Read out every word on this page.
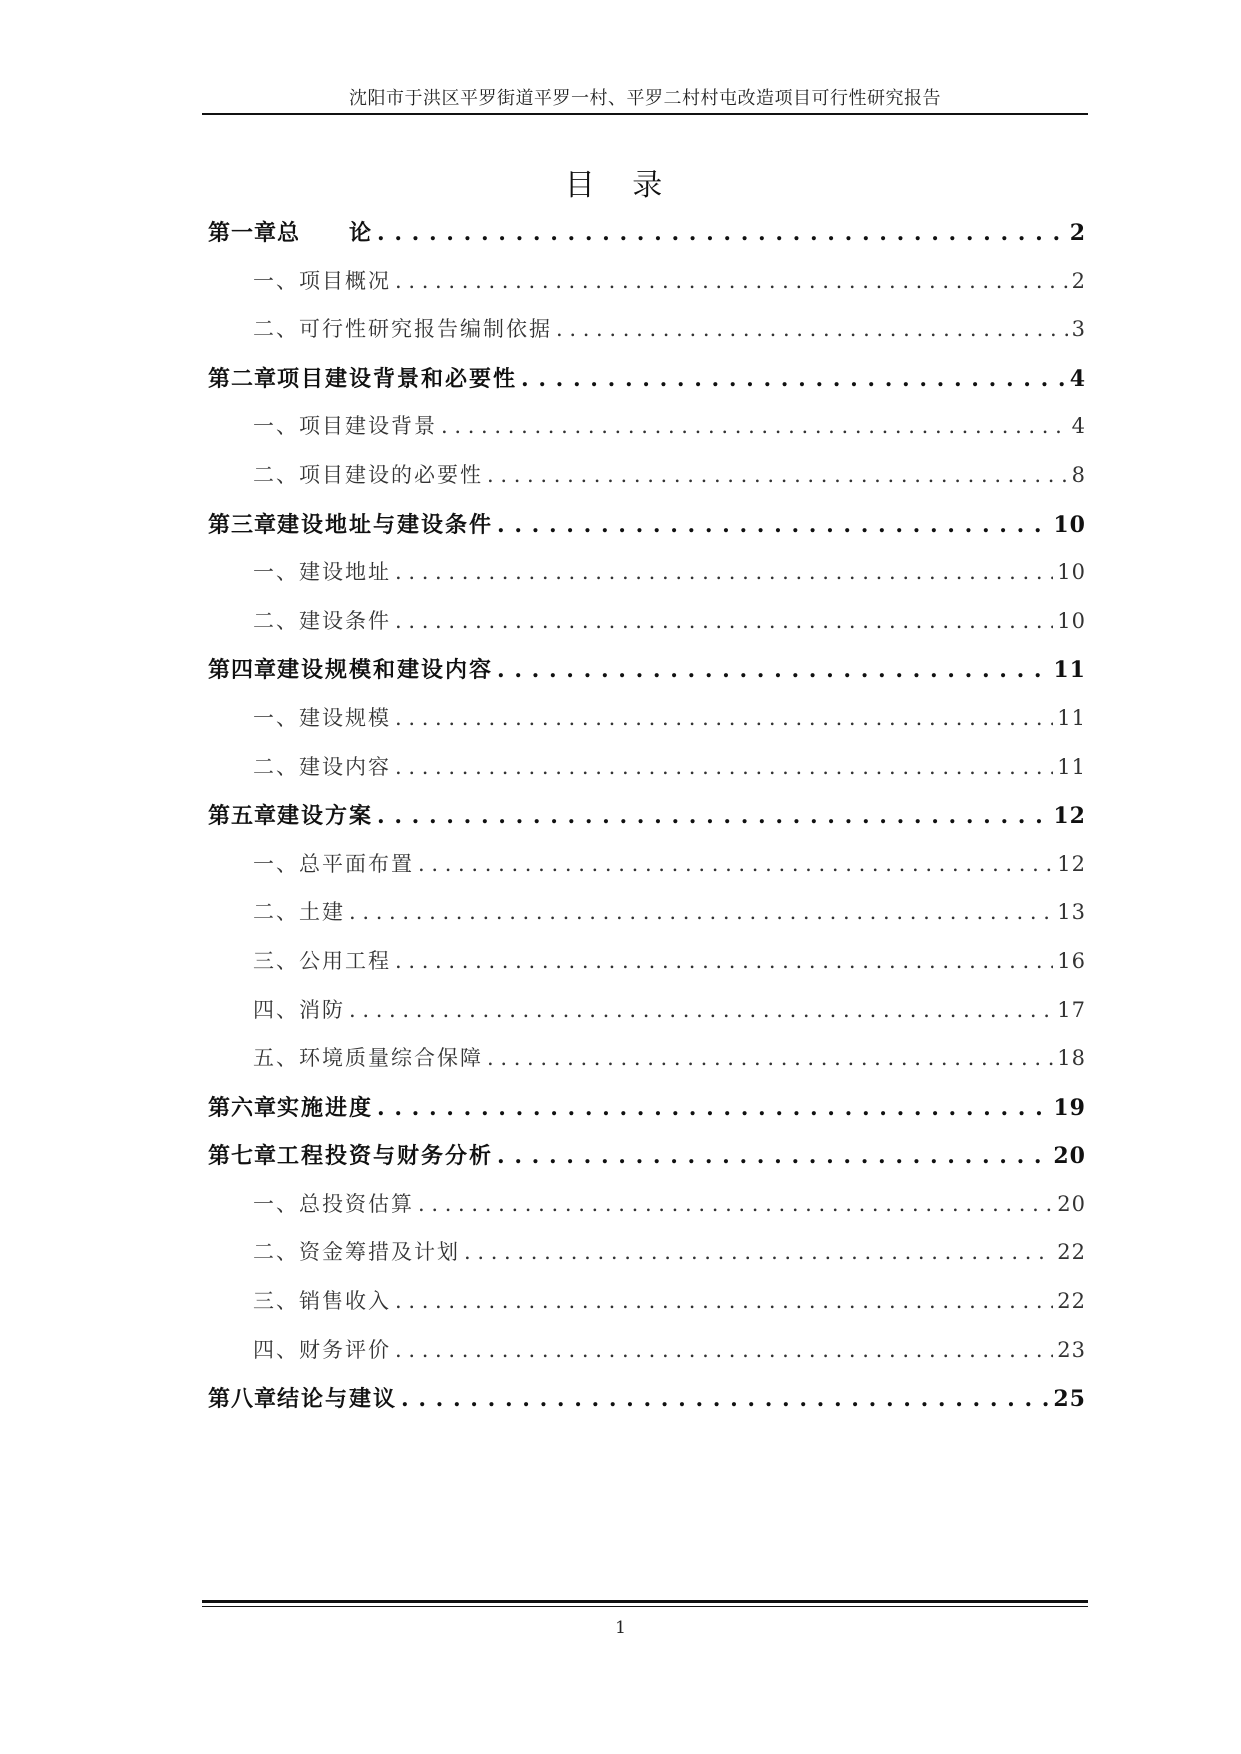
沈阳市于洪区平罗街道平罗一村、平罗二村村屯改造项目可行性研究报告
目 录
第一章 总　　论 . . .	2
一、项目概况 . . .	2
二、可行性研究报告编制依据 . . .	3
第二章 项目建设背景和必要性 . . .	4
一、项目建设背景 . . .	4
二、项目建设的必要性 . . .	8
第三章 建设地址与建设条件 . . .	10
一、建设地址 . . .	10
二、建设条件 . . .	10
第四章 建设规模和建设内容 . . .	11
一、建设规模 . . .	11
二、建设内容 . . .	11
第五章 建设方案 . . .	12
一、总平面布置 . . .	12
二、土建 . . .	13
三、公用工程 . . .	16
四、消防 . . .	17
五、环境质量综合保障 . . .	18
第六章 实施进度 . . .	19
第七章 工程投资与财务分析 . . .	20
一、总投资估算 . . .	20
二、资金筹措及计划 . . .	22
三、销售收入 . . .	22
四、财务评价 . . .	23
第八章 结论与建议 . . .	25
1
